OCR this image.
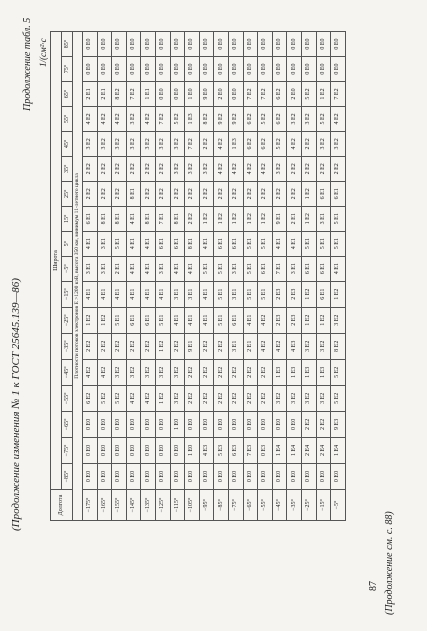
(Продолжение изменения № 1 к ГОСТ 25645.139—86)
Продолжение табл. 5 1/(см²·с
Долгота	Широта																	
	−85°	−75°	−65°	−55°	−45°	−35°	−25°	−15°	−5°	5°	15°	25°	35°	45°	55°	65°	75°	85°
Плотности потоков электронов E >1200 кэВ, высота 350 км, минимум 11-летнего цикла																		
−175°	0 E0	0 E0	0 E0	6 E2	4 E2	2 E2	1 E2	4 E1	3 E1	4 E1	6 E1	2 E2	2 E2	3 E2	4 E2	2 E1	0 E0	0 E0
−165°	0 E0	0 E0	0 E0	5 E2	4 E2	2 E2	1 E2	4 E1	3 E1	3 E1	8 E1	2 E2	2 E2	3 E2	4 E2	2 E1	0 E0	0 E0
−155°	0 E0	0 E0	0 E0	5 E2	3 E2	2 E2	5 E1	4 E1	2 E1	5 E1	8 E1	2 E2	2 E2	3 E2	4 E2	8 E2	0 E0	0 E0
−145°	0 E0	0 E0	0 E0	4 E2	3 E2	2 E2	6 E1	4 E1	4 E1	4 E1	4 E1	8 E1	2 E2	3 E2	3 E2	7 E2	0 E0	0 E0
−135°	0 E0	0 E0	0 E0	4 E2	3 E2	2 E2	6 E1	4 E1	4 E1	4 E1	8 E1	2 E2	2 E2	3 E2	4 E2	1 E1	0 E0	0 E0
−125°	0 E0	0 E0	0 E0	1 E2	3 E2	1 E2	5 E1	4 E1	3 E1	6 E1	7 E1	2 E2	2 E2	3 E2	7 E2	0 E0	0 E0	0 E0
−115°	0 E0	0 E0	1 E0	3 E2	3 E2	2 E2	4 E1	3 E1	4 E1	6 E1	8 E1	2 E2	3 E2	3 E2	5 E2	0 E0	0 E0	0 E0
−105°	0 E0	1 E0	0 E0	2 E2	2 E2	9 E1	4 E1	3 E1	4 E1	8 E1	2 E2	2 E2	3 E2	7 E2	1 E3	1 E0	0 E0	0 E0
−95°	0 E0	4 E3	0 E0	2 E2	2 E2	2 E2	4 E1	4 E1	5 E1	4 E1	1 E2	2 E2	3 E2	2 E2	8 E2	9 E0	0 E0	0 E0
−85°	0 E0	5 E3	0 E0	2 E2	2 E2	2 E2	5 E1	5 E1	5 E1	6 E1	1 E2	2 E2	4 E2	4 E2	9 E2	2 E0	0 E0	0 E0
−75°	0 E0	6 E3	0 E0	2 E2	2 E2	3 E1	6 E1	3 E1	3 E1	6 E1	1 E2	2 E2	4 E2	1 E3	9 E2	0 E0	0 E0	0 E0
−65°	0 E0	7 E3	0 E0	2 E2	2 E2	2 E1	4 E1	5 E1	5 E1	5 E1	1 E2	2 E2	4 E2	6 E2	6 E2	7 E2	0 E0	0 E0
−55°	0 E0	0 E3	0 E0	2 E2	2 E2	4 E2	4 E2	5 E1	6 E1	5 E1	1 E2	2 E2	4 E2	6 E2	5 E2	7 E2	0 E0	0 E0
−45°	0 E0	1 E4	0 E0	3 E2	1 E3	4 E2	2 E3	2 E3	7 E1	4 E1	9 E1	2 E2	3 E2	5 E2	6 E2	6 E2	0 E0	0 E0
−35°	0 E0	1 E4	0 E0	3 E2	1 E3	4 E3	2 E3	2 E3	3 E1	4 E1	2 E1	2 E2	2 E2	4 E2	3 E2	2 E0	0 E0	0 E0
−25°	0 E0	2 E4	2 E2	3 E2	1 E3	3 E2	1 E2	1 E2	6 E1	5 E1	1 E2	1 E2	2 E2	2 E2	3 E2	5 E2	0 E0	0 E0
−15°	0 E0	2 E4	2 E2	3 E2	1 E3	3 E2	1 E2	6 E1	6 E1	5 E1	3 E1	6 E1	2 E2	3 E2	5 E2	1 E2	0 E0	0 E0
−5°	0 E0	1 E4	9 E3	5 E2	5 E2	8 E2	3 E2	1 E2	4 E1	5 E1	5 E1	6 E1	2 E2	3 E2	4 E2	7 E2	0 E0	0 E0
(Продолжение см. с. 88)
87
